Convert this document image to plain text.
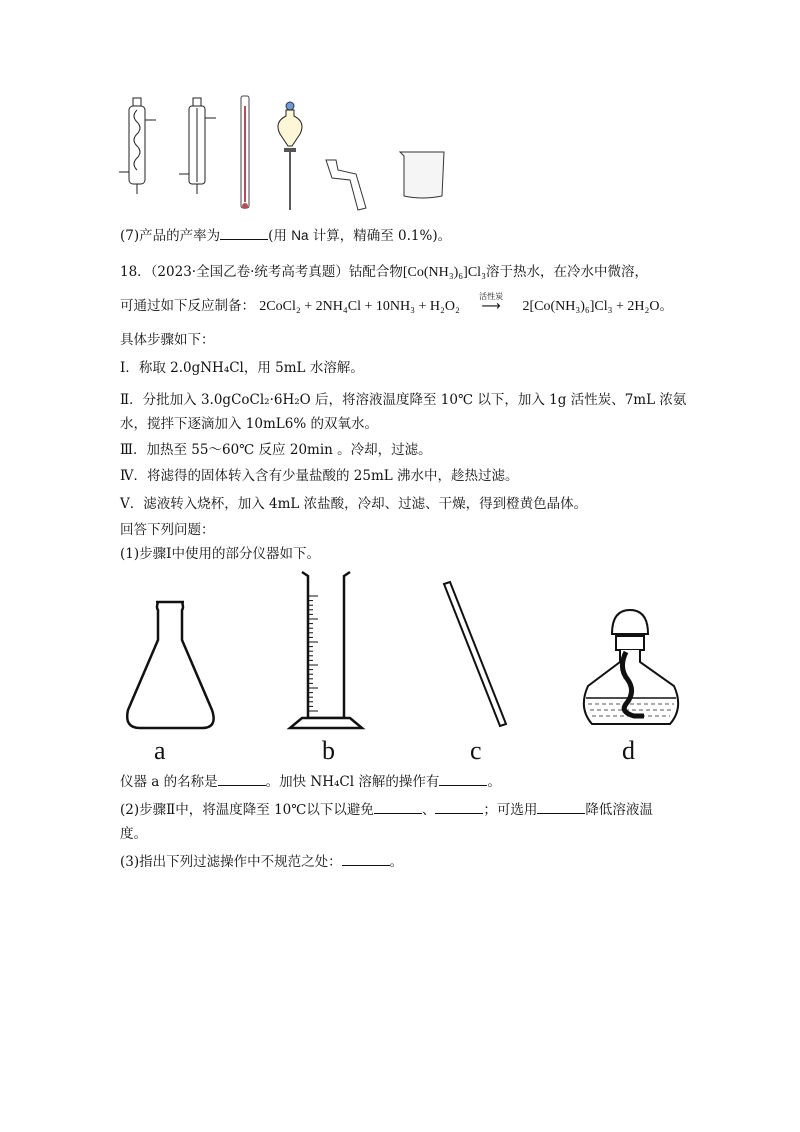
(7)产品的产率为	(用 Na 计算，精确至 0.1%)。
18．（2023·全国乙卷·统考高考真题）钴配合物[Co(NH₃)₆]Cl₃溶于热水，在冷水中微溶，
可通过如下反应制备： 2CoCl₂ + 2NH₄Cl + 10NH₃ + H₂O₂
活性炭
⟶ 2[Co(NH₃)₆]Cl₃ + 2H₂O。
具体步骤如下：
Ⅰ．称取 2.0gNH₄Cl，用 5mL 水溶解。
Ⅱ．分批加入 3.0gCoCl₂·6H₂O 后，将溶液温度降至 10℃ 以下，加入 1g 活性炭、7mL 浓氨
水，搅拌下逐滴加入 10mL6% 的双氧水。
Ⅲ．加热至 55～60℃ 反应 20min 。冷却，过滤。
Ⅳ．将滤得的固体转入含有少量盐酸的 25mL 沸水中，趁热过滤。
Ⅴ．滤液转入烧杯，加入 4mL 浓盐酸，冷却、过滤、干燥，得到橙黄色晶体。
回答下列问题：
(1)步骤Ⅰ中使用的部分仪器如下。
a	b	c	d
仪器 a 的名称是	。加快 NH₄Cl 溶解的操作有	。
(2)步骤Ⅱ中，将温度降至 10℃以下以避免	、	；可选用	降低溶液温
度。
(3)指出下列过滤操作中不规范之处：	。
